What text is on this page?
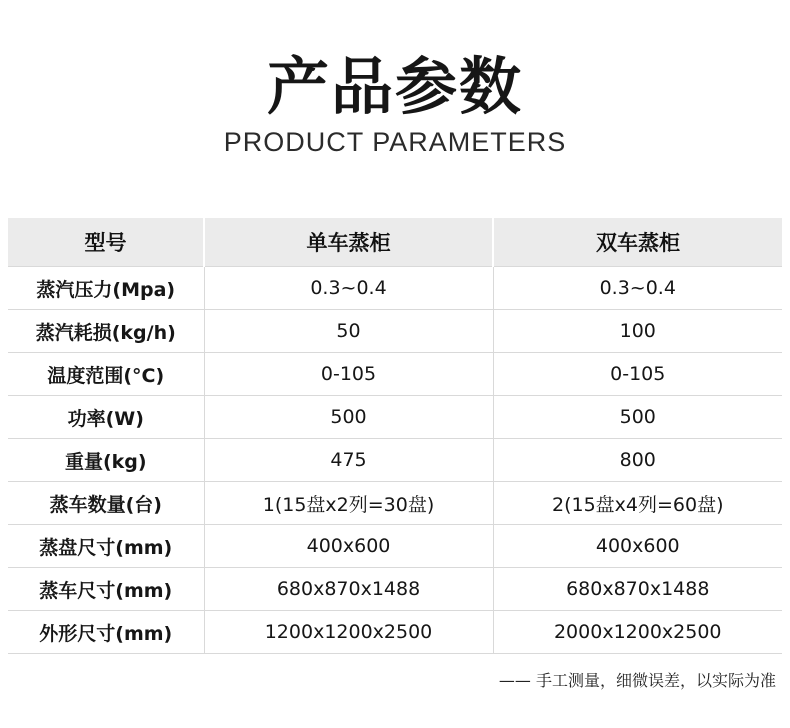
产品参数
PRODUCT PARAMETERS
型号	单车蒸柜	双车蒸柜
蒸汽压力(Mpa)	0.3~0.4	0.3~0.4
蒸汽耗损(kg/h)	50	100
温度范围(°C)	0-105	0-105
功率(W)	500	500
重量(kg)	475	800
蒸车数量(台)	1(15盘x2列=30盘)	2(15盘x4列=60盘)
蒸盘尺寸(mm)	400x600	400x600
蒸车尺寸(mm)	680x870x1488	680x870x1488
外形尺寸(mm)	1200x1200x2500	2000x1200x2500
—— 手工测量，细微误差，以实际为准
